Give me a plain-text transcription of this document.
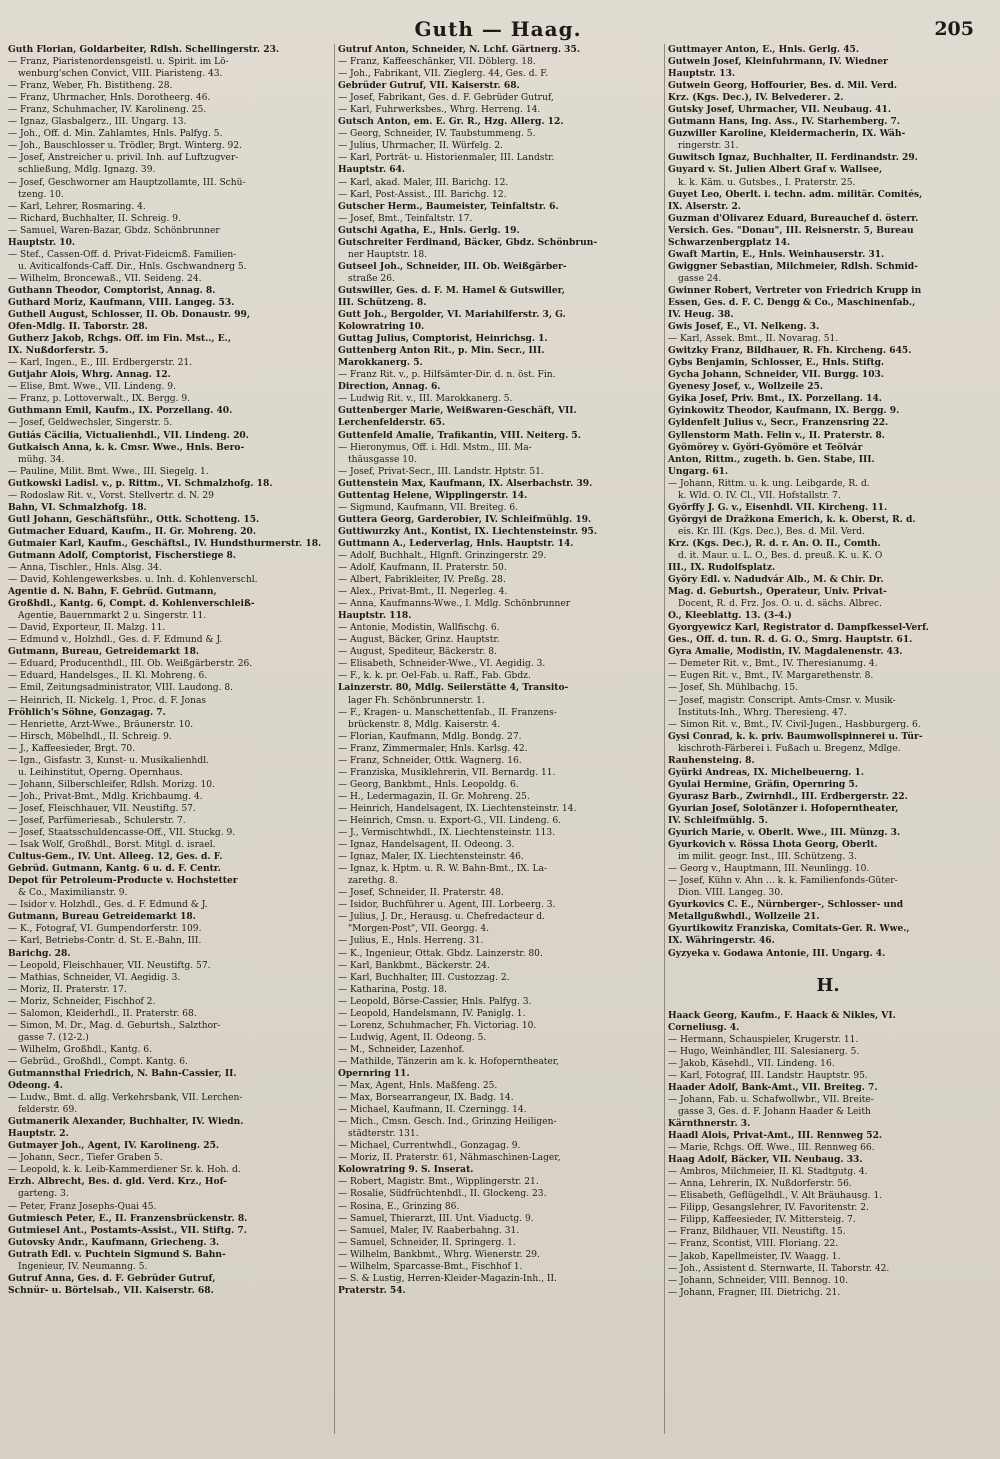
Guth — Haag.	205
Guth Florian, Goldarbeiter, Rdlsh. Schellingerstr. 23.
— Franz, Piaristenordensgeistl. u. Spirit. im Lö-
wenburg'schen Convict, VIII. Piaristeng. 43.
— Franz, Weber, Fh. Bistitheng. 28.
— Franz, Uhrmacher, Hnls. Dorotheerg. 46.
— Franz, Schuhmacher, IV. Karolineng. 25.
— Ignaz, Glasbalgerz., III. Ungarg. 13.
— Joh., Off. d. Min. Zahlamtes, Hnls. Palfyg. 5.
— Joh., Bauschlosser u. Trödler, Brgt. Winterg. 92.
— Josef, Anstreicher u. privil. Inh. auf Luftzugver-
schließung, Mdlg. Ignazg. 39.
— Josef, Geschworner am Hauptzollamte, III. Schü-
tzeng. 10.
— Karl, Lehrer, Rosmaring. 4.
— Richard, Buchhalter, II. Schreig. 9.
— Samuel, Waren-Bazar, Gbdz. Schönbrunner
Hauptstr. 10.
— Stef., Cassen-Off. d. Privat-Fideicmß. Familien-
u. Aviticalfonds-Caff. Dir., Hnls. Gschwandnerg 5.
— Wilhelm, Broncewaß., VII. Seideng. 24.
Guthann Theodor, Comptorist, Annag. 8.
Guthard Moriz, Kaufmann, VIII. Langeg. 53.
Guthell August, Schlosser, II. Ob. Donaustr. 99,
Ofen-Mdlg. II. Taborstr. 28.
Gutherz Jakob, Rchgs. Off. im Fin. Mst.., E.,
IX. Nußdorferstr. 5.
— Karl, Ingen., E., III. Erdbergerstr. 21.
Gutjahr Alois, Whrg. Annag. 12.
— Elise, Bmt. Wwe., VII. Lindeng. 9.
— Franz, p. Lottoverwalt., IX. Bergg. 9.
Guthmann Emil, Kaufm., IX. Porzellang. 40.
— Josef, Geldwechsler, Singerstr. 5.
Gutiás Cäcilia, Victualienhdl., VII. Lindeng. 20.
Gutkaisch Anna, k. k. Cmsr. Wwe., Hnls. Bero-
mühg. 34.
— Pauline, Milit. Bmt. Wwe., III. Siegelg. 1.
Gutkowski Ladisl. v., p. Rittm., VI. Schmalzhofg. 18.
— Rodoslaw Rit. v., Vorst. Stellvertr. d. N. 29
Bahn, VI. Schmalzhofg. 18.
Gutl Johann, Geschäftsführ., Ottk. Schotteng. 15.
Gutmacher Eduard, Kaufm., II. Gr. Mohreng. 20.
Gutmaier Karl, Kaufm., Geschäftsl., IV. Hundsthurmerstr. 18.
Gutmann Adolf, Comptorist, Fischerstiege 8.
— Anna, Tischler., Hnls. Alsg. 34.
— David, Kohlengewerksbes. u. Inh. d. Kohlenverschl.
Agentie d. N. Bahn, F. Gebrüd. Gutmann,
Großhdl., Kantg. 6, Compt. d. Kohlenverschleiß-
Agentie, Bauernmarkt 2 u. Singerstr. 11.
— David, Exporteur, II. Malzg. 11.
— Edmund v., Holzhdl., Ges. d. F. Edmund & J.
Gutmann, Bureau, Getreidemarkt 18.
— Eduard, Producenthdl., III. Ob. Weißgärberstr. 26.
— Eduard, Handelsges., II. Kl. Mohreng. 6.
— Emil, Zeitungsadministrator, VIII. Laudong. 8.
— Heinrich, II. Nickelg. 1, Proc. d. F. Jonas
Fröhlich's Söhne, Gonzagag. 7.
— Henriette, Arzt-Wwe., Bräunerstr. 10.
— Hirsch, Möbelhdl., II. Schreig. 9.
— J., Kaffeesieder, Brgt. 70.
— Ign., Gisfastr. 3, Kunst- u. Musikalienhdl.
u. Leihinstitut, Operng. Opernhaus.
— Johann, Silberschleifer, Rdlsh. Morizg. 10.
— Joh., Privat-Bmt., Mdlg. Krichbaumg. 4.
— Josef, Fleischhauer, VII. Neustiftg. 57.
— Josef, Parfümeriesab., Schulerstr. 7.
— Josef, Staatsschuldencasse-Off., VII. Stuckg. 9.
— Isak Wolf, Großhdl., Borst. Mitgl. d. israel.
Cultus-Gem., IV. Unt. Alleeg. 12, Ges. d. F.
Gebrüd. Gutmann, Kantg. 6 u. d. F. Centr.
Depot für Petroleum-Producte v. Hochstetter
& Co., Maximilianstr. 9.
— Isidor v. Holzhdl., Ges. d. F. Edmund & J.
Gutmann, Bureau Getreidemarkt 18.
— K., Fotograf, VI. Gumpendorferstr. 109.
— Karl, Betriebs-Contr. d. St. E.-Bahn, III.
Barichg. 28.
— Leopold, Fleischhauer, VII. Neustiftg. 57.
— Mathias, Schneider, VI. Aegidig. 3.
— Moriz, II. Praterstr. 17.
— Moriz, Schneider, Fischhof 2.
— Salomon, Kleiderhdl., II. Praterstr. 68.
— Simon, M. Dr., Mag. d. Geburtsh., Salzthor-
gasse 7. (12-2.)
— Wilhelm, Großhdl., Kantg. 6.
— Gebrüd., Großhdl., Compt. Kantg. 6.
Gutmannsthal Friedrich, N. Bahn-Cassier, II.
Odeong. 4.
— Ludw., Bmt. d. allg. Verkehrsbank, VII. Lerchen-
felderstr. 69.
Gutmanerik Alexander, Buchhalter, IV. Wiedn.
Hauptstr. 2.
Gutmayer Joh., Agent, IV. Karolineng. 25.
— Johann, Secr., Tiefer Graben 5.
— Leopold, k. k. Leib-Kammerdiener Sr. k. Hoh. d.
Erzh. Albrecht, Bes. d. gld. Verd. Krz., Hof-
garteng. 3.
— Peter, Franz Josephs-Quai 45.
Gutmiesch Peter, E., II. Franzensbrückenstr. 8.
Gutmiesel Ant., Postamts-Assist., VII. Stiftg. 7.
Gutovsky Andr., Kaufmann, Griecheng. 3.
Gutrath Edl. v. Puchtein Sigmund S. Bahn-
Ingenieur, IV. Neumanng. 5.
Gutruf Anna, Ges. d. F. Gebrüder Gutruf,
Schnür- u. Börtelsab., VII. Kaiserstr. 68.
Gutruf Anton, Schneider, N. Lchf. Gärtnerg. 35.
— Franz, Kaffeeschänker, VII. Döblerg. 18.
— Joh., Fabrikant, VII. Zieglerg. 44, Ges. d. F.
Gebrüder Gutruf, VII. Kaiserstr. 68.
— Josef, Fabrikant, Ges. d. F. Gebrüder Gutruf,
— Karl, Fuhrwerksbes., Whrg. Herreng. 14.
Gutsch Anton, em. E. Gr. R., Hzg. Allerg. 12.
— Georg, Schneider, IV. Taubstummeng. 5.
— Julius, Uhrmacher, II. Würfelg. 2.
— Karl, Porträt- u. Historienmaler, III. Landstr.
Hauptstr. 64.
— Karl, akad. Maler, III. Barichg. 12.
— Karl, Post-Assist., III. Barichg. 12.
Gutscher Herm., Baumeister, Teinfaltstr. 6.
— Josef, Bmt., Teinfaltstr. 17.
Gutschi Agatha, E., Hnls. Gerlg. 19.
Gutschreiter Ferdinand, Bäcker, Gbdz. Schönbrun-
ner Hauptstr. 18.
Gutseel Joh., Schneider, III. Ob. Weißgärber-
straße 26.
Gutswiller, Ges. d. F. M. Hamel & Gutswiller,
III. Schützeng. 8.
Gutt Joh., Bergolder, VI. Mariahilferstr. 3, G.
Kolowratring 10.
Guttag Julius, Comptorist, Heinrichsg. 1.
Guttenberg Anton Rit., p. Min. Secr., III.
Marokkanerg. 5.
— Franz Rit. v., p. Hilfsämter-Dir. d. n. öst. Fin.
Direction, Annag. 6.
— Ludwig Rit. v., III. Marokkanerg. 5.
Guttenberger Marie, Weißwaren-Geschäft, VII.
Lerchenfelderstr. 65.
Guttenfeld Amalie, Trafikantin, VIII. Neiterg. 5.
— Hieronymus, Off. i. Hdl. Mstm., III. Ma-
thäusgasse 10.
— Josef, Privat-Secr., III. Landstr. Hptstr. 51.
Guttenstein Max, Kaufmann, IX. Alserbachstr. 39.
Guttentag Helene, Wipplingerstr. 14.
— Sigmund, Kaufmann, VII. Breiteg. 6.
Guttera Georg, Garderobier, IV. Schleifmühlg. 19.
Guttiwurzky Ant., Kontist, IX. Liechtensteinstr. 95.
Guttmann A., Lederverlag, Hnls. Hauptstr. 14.
— Adolf, Buchhalt., Hlgnft. Grinzingerstr. 29.
— Adolf, Kaufmann, II. Praterstr. 50.
— Albert, Fabrikleiter, IV. Preßg. 28.
— Alex., Privat-Bmt., II. Negerleg. 4.
— Anna, Kaufmanns-Wwe., I. Mdlg. Schönbrunner
Hauptstr. 118.
— Antonie, Modistin, Wallfischg. 6.
— August, Bäcker, Grinz. Hauptstr.
— August, Spediteur, Bäckerstr. 8.
— Elisabeth, Schneider-Wwe., VI. Aegidig. 3.
— F., k. k. pr. Oel-Fab. u. Raff., Fab. Gbdz.
Lainzerstr. 80, Mdlg. Seilerstätte 4, Transito-
lager Fh. Schönbrunnerstr. 1.
— F., Kragen- u. Manschettenfab., II. Franzens-
brückenstr. 8, Mdlg. Kaiserstr. 4.
— Florian, Kaufmann, Mdlg. Bondg. 27.
— Franz, Zimmermaler, Hnls. Karlsg. 42.
— Franz, Schneider, Ottk. Wagnerg. 16.
— Franziska, Musiklehrerin, VII. Bernardg. 11.
— Georg, Bankbmt., Hnls. Leopoldg. 6.
— H., Ledermagazin, II. Gr. Mohreng. 25.
— Heinrich, Handelsagent, IX. Liechtensteinstr. 14.
— Heinrich, Cmsn. u. Export-G., VII. Lindeng. 6.
— J., Vermischtwhdl., IX. Liechtensteinstr. 113.
— Ignaz, Handelsagent, II. Odeong. 3.
— Ignaz, Maler, IX. Liechtensteinstr. 46.
— Ignaz, k. Hptm. u. R. W. Bahn-Bmt., IX. La-
zarethg. 8.
— Josef, Schneider, II. Praterstr. 48.
— Isidor, Buchführer u. Agent, III. Lorbeerg. 3.
— Julius, J. Dr., Herausg. u. Chefredacteur d.
"Morgen-Post", VII. Georgg. 4.
— Julius, E., Hnls. Herreng. 31.
— K., Ingenieur, Ottak. Gbdz. Lainzerstr. 80.
— Karl, Bankbmt., Bäckerstr. 24.
— Karl, Buchhalter, III. Custozzag. 2.
— Katharina, Postg. 18.
— Leopold, Börse-Cassier, Hnls. Palfyg. 3.
— Leopold, Handelsmann, IV. Paniglg. 1.
— Lorenz, Schuhmacher, Fh. Victoriag. 10.
— Ludwig, Agent, II. Odeong. 5.
— M., Schneider, Lazenhof.
— Mathilde, Tänzerin am k. k. Hofoperntheater,
Opernring 11.
— Max, Agent, Hnls. Maßfeng. 25.
— Max, Borsearrangeur, IX. Badg. 14.
— Michael, Kaufmann, II. Czerningg. 14.
— Mich., Cmsn. Gesch. Ind., Grinzing Heiligen-
städterstr. 131.
— Michael, Currentwhdl., Gonzagag. 9.
— Moriz, II. Praterstr. 61, Nähmaschinen-Lager,
Kolowratring 9. S. Inserat.
— Robert, Magistr. Bmt., Wipplingerstr. 21.
— Rosalie, Südfrüchtenhdl., II. Glockeng. 23.
— Rosina, E., Grinzing 86.
— Samuel, Thierarzt, III. Unt. Viaductg. 9.
— Samuel, Maler, IV. Raaberbahng. 31.
— Samuel, Schneider, II. Springerg. 1.
— Wilhelm, Bankbmt., Whrg. Wienerstr. 29.
— Wilhelm, Sparcasse-Bmt., Fischhof 1.
— S. & Lustig, Herren-Kleider-Magazin-Inh., II.
Praterstr. 54.
Guttmayer Anton, E., Hnls. Gerlg. 45.
Gutwein Josef, Kleinfuhrmann, IV. Wiedner
Hauptstr. 13.
Gutwein Georg, Hoffourier, Bes. d. Mil. Verd.
Krz. (Kgs. Dec.), IV. Belvederег. 2.
Gutsky Josef, Uhrmacher, VII. Neubaug. 41.
Gutmann Hans, Ing. Ass., IV. Starhemberg. 7.
Guzwiller Karoline, Kleidermacherin, IX. Wäh-
ringerstr. 31.
Guwitsch Ignaz, Buchhalter, II. Ferdinandstr. 29.
Guyard v. St. Julien Albert Graf v. Wallsee,
k. k. Käm. u. Gutsbes., I. Praterstr. 25.
Guyet Leo, Oberlt. i. techn. adm. militär. Comités,
IX. Alserstr. 2.
Guzman d'Olivarez Eduard, Bureauchef d. österr.
Versich. Ges. "Donau", III. Reisnerstr. 5, Bureau
Schwarzenbergplatz 14.
Gwaft Martin, E., Hnls. Weinhauserstr. 31.
Gwiggner Sebastian, Milchmeier, Rdlsh. Schmid-
gasse 24.
Gwinner Robert, Vertreter von Friedrich Krupp in
Essen, Ges. d. F. C. Dengg & Co., Maschinenfab.,
IV. Heug. 38.
Gwis Josef, E., VI. Nelkeng. 3.
— Karl, Assek. Bmt., II. Novarag. 51.
Gwitzky Franz, Bildhauer, R. Fh. Kircheng. 645.
Gybs Benjamin, Schlosser, E., Hnls. Stiftg.
Gycha Johann, Schneider, VII. Burgg. 103.
Gyenesy Josef, v., Wollzeile 25.
Gyika Josef, Priv. Bmt., IX. Porzellang. 14.
Gyinkowitz Theodor, Kaufmann, IX. Bergg. 9.
Gyldenfelt Julius v., Secr., Franzensring 22.
Gyllenstorm Math. Felin v., II. Praterstr. 8.
Gyömörey v. Györi-Gyömöre et Teölvár
Anton, Rittm., zugeth. b. Gen. Stabe, III.
Ungarg. 61.
— Johann, Rittm. u. k. ung. Leibgarde, R. d.
k. Wld. O. IV. Cl., VII. Hofstallstr. 7.
Györffy J. G. v., Eisenhdl. VII. Kircheng. 11.
Györgyi de Dražkona Emerich, k. k. Oberst, R. d.
eis. Kr. III. (Kgs. Dec.), Bes. d. Mil. Verd.
Krz. (Kgs. Dec.), R. d. r. An. O. II., Comth.
d. it. Maur. u. L. O., Bes. d. preuß. K. u. K. O
III., IX. Rudolfsplatz.
Györy Edl. v. Nadudvár Alb., M. & Chir. Dr.
Mag. d. Geburtsh., Operateur, Univ. Privat-
Docent, R. d. Frz. Jos. O. u. d. sächs. Albrec.
O., Kleeblattg. 13. (3-4.)
Gyorgyewicz Karl, Registrator d. Dampfkessel-Verf.
Ges., Off. d. tun. R. d. G. O., Smrg. Hauptstr. 61.
Gyra Amalie, Modistin, IV. Magdalenenstr. 43.
— Demeter Rit. v., Bmt., IV. Theresianumg. 4.
— Eugen Rit. v., Bmt., IV. Margarethenstr. 8.
— Josef, Sh. Mühlbachg. 15.
— Josef, magistr. Conscript. Amts-Cmsr. v. Musik-
Instituts-Inh., Whrg. Theresieng. 47.
— Simon Rit. v., Bmt., IV. Civil-Jugen., Hasbburgerg. 6.
Gysi Conrad, k. k. priv. Baumwollspinnerei u. Tür-
kischroth-Färberei i. Fußach u. Bregenz, Mdlge.
Rauhensteing. 8.
Gyürki Andreas, IX. Michelbeuerng. 1.
Gyulai Hermine, Gräfin, Opernring 5.
Gyurasz Barb., Zwirnhdl., III. Erdbergerstr. 22.
Gyurian Josef, Solotänzer i. Hofoperntheater,
IV. Schleifmühlg. 5.
Gyurich Marie, v. Oberlt. Wwe., III. Münzg. 3.
Gyurkovich v. Rössa Lhota Georg, Oberlt.
im milit. geogr. Inst., III. Schützeng. 3.
— Georg v., Hauptmann, III. Neunlingg. 10.
— Josef, Kühn v. Ahn ... k. k. Familienfonds-Güter-
Dion. VIII. Langeg. 30.
Gyurkovics C. E., Nürnberger-, Schlosser- und
Metallgußwhdl., Wollzeile 21.
Gyurtikowitz Franziska, Comitats-Ger. R. Wwe.,
IX. Währingerstr. 46.
Gyzyeka v. Godawa Antonie, III. Ungarg. 4.
H.
Haack Georg, Kaufm., F. Haack & Nikles, VI.
Corneliusg. 4.
— Hermann, Schauspieler, Krugerstr. 11.
— Hugo, Weinhändler, III. Salesianerg. 5.
— Jakob, Käsehdl., VII. Lindeng. 16.
— Karl, Fotograf, III. Landstr. Hauptstr. 95.
Haader Adolf, Bank-Amt., VII. Breiteg. 7.
— Johann, Fab. u. Schafwollwbr., VII. Breite-
gasse 3, Ges. d. F. Johann Haader & Leith
Kärnthnerstr. 3.
Haadl Alois, Privat-Amt., III. Rennweg 52.
— Marie, Rchgs. Off. Wwe., III. Rennweg 66.
Haag Adolf, Bäcker, VII. Neubaug. 33.
— Ambros, Milchmeier, II. Kl. Stadtgutg. 4.
— Anna, Lehrerin, IX. Nußdorferstr. 56.
— Elisabeth, Geflügelhdl., V. Alt Bräuhausg. 1.
— Filipp, Gesangslehrer, IV. Favoritenstr. 2.
— Filipp, Kaffeesieder, IV. Mittersteig. 7.
— Franz, Bildhauer, VII. Neustiftg. 15.
— Franz, Scontist, VIII. Floriang. 22.
— Jakob, Kapellmeister, IV. Waagg. 1.
— Joh., Assistent d. Sternwarte, II. Taborstr. 42.
— Johann, Schneider, VIII. Bennog. 10.
— Johann, Fragner, III. Dietrichg. 21.
